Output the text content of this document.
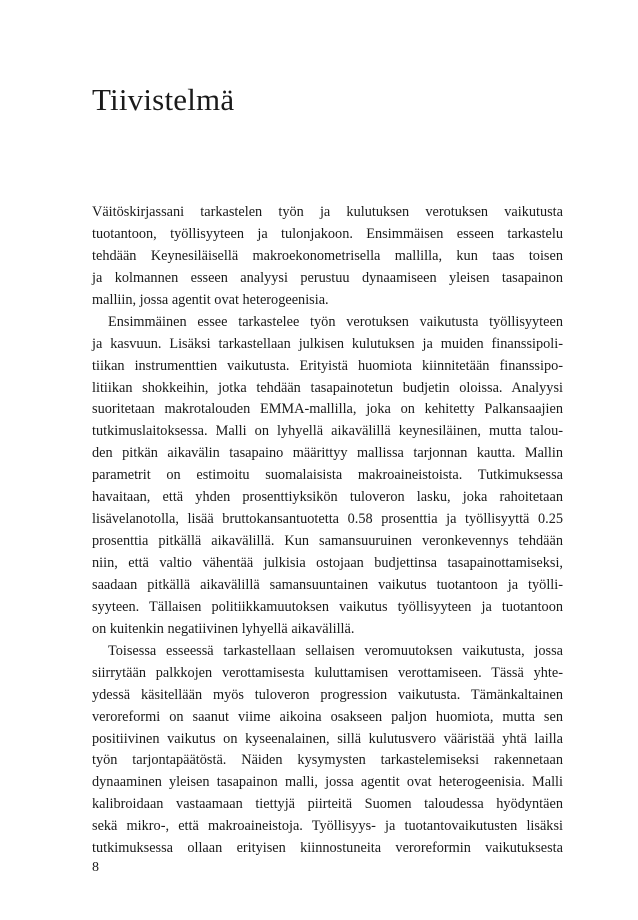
Tiivistelmä
Väitöskirjassani tarkastelen työn ja kulutuksen verotuksen vaikutusta
tuotantoon, työllisyyteen ja tulonjakoon. Ensimmäisen esseen tarkastelu
tehdään Keynesiläisellä makroekonometrisella mallilla, kun taas toisen
ja kolmannen esseen analyysi perustuu dynaamiseen yleisen tasapainon
malliin, jossa agentit ovat heterogeenisia.
Ensimmäinen essee tarkastelee työn verotuksen vaikutusta työllisyyteen
ja kasvuun. Lisäksi tarkastellaan julkisen kulutuksen ja muiden finanssipoli-
tiikan instrumenttien vaikutusta. Erityistä huomiota kiinnitetään finanssipo-
litiikan shokkeihin, jotka tehdään tasapainotetun budjetin oloissa. Analyysi
suoritetaan makrotalouden EMMA-mallilla, joka on kehitetty Palkansaajien
tutkimuslaitoksessa. Malli on lyhyellä aikavälillä keynesiläinen, mutta talou-
den pitkän aikavälin tasapaino määrittyy mallissa tarjonnan kautta. Mallin
parametrit on estimoitu suomalaisista makroaineistoista. Tutkimuksessa
havaitaan, että yhden prosenttiyksikön tuloveron lasku, joka rahoitetaan
lisävelanotolla, lisää bruttokansantuotetta 0.58 prosenttia ja työllisyyttä 0.25
prosenttia pitkällä aikavälillä. Kun samansuuruinen veronkevennys tehdään
niin, että valtio vähentää julkisia ostojaan budjettinsa tasapainottamiseksi,
saadaan pitkällä aikavälillä samansuuntainen vaikutus tuotantoon ja työlli-
syyteen. Tällaisen politiikkamuutoksen vaikutus työllisyyteen ja tuotantoon
on kuitenkin negatiivinen lyhyellä aikavälillä.
Toisessa esseessä tarkastellaan sellaisen veromuutoksen vaikutusta, jossa
siirrytään palkkojen verottamisesta kuluttamisen verottamiseen. Tässä yhte-
ydessä käsitellään myös tuloveron progression vaikutusta. Tämänkaltainen
veroreformi on saanut viime aikoina osakseen paljon huomiota, mutta sen
positiivinen vaikutus on kyseenalainen, sillä kulutusvero vääristää yhtä lailla
työn tarjontapäätöstä. Näiden kysymysten tarkastelemiseksi rakennetaan
dynaaminen yleisen tasapainon malli, jossa agentit ovat heterogeenisia. Malli
kalibroidaan vastaamaan tiettyjä piirteitä Suomen taloudessa hyödyntäen
sekä mikro-, että makroaineistoja. Työllisyys- ja tuotantovaikutusten lisäksi
tutkimuksessa ollaan erityisen kiinnostuneita veroreformin vaikutuksesta
8
